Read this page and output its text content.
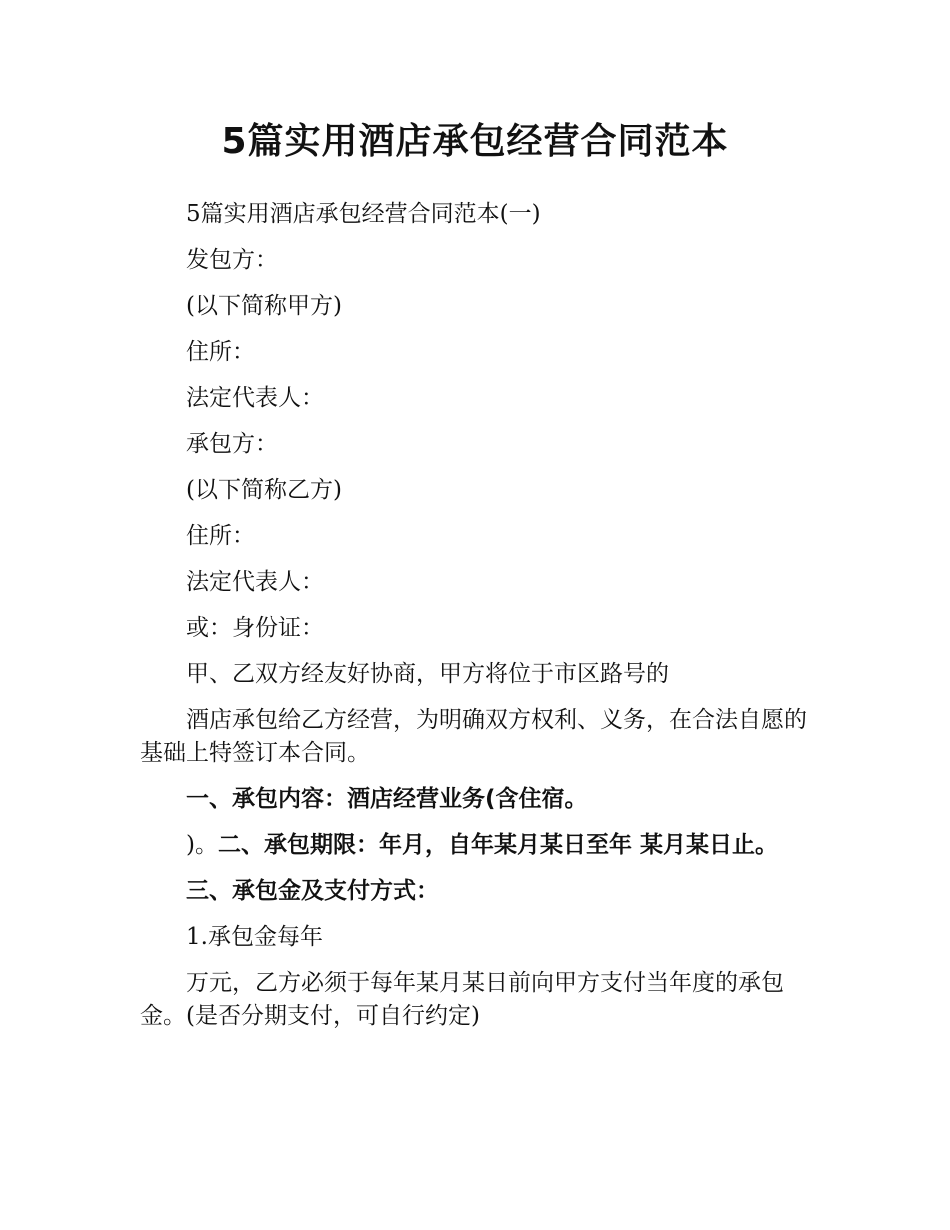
5篇实用酒店承包经营合同范本

5篇实用酒店承包经营合同范本(一)

发包方：

(以下简称甲方)

住所：

法定代表人：

承包方：

(以下简称乙方)

住所：

法定代表人：

或：身份证：

甲、乙双方经友好协商，甲方将位于市区路号的

酒店承包给乙方经营，为明确双方权利、义务，在合法自愿的基础上特签订本合同。

一、承包内容：酒店经营业务(含住宿。

)。二、承包期限：年月，自年某月某日至年 某月某日止。

三、承包金及支付方式：

1.承包金每年

万元，乙方必须于每年某月某日前向甲方支付当年度的承包金。(是否分期支付，可自行约定)
